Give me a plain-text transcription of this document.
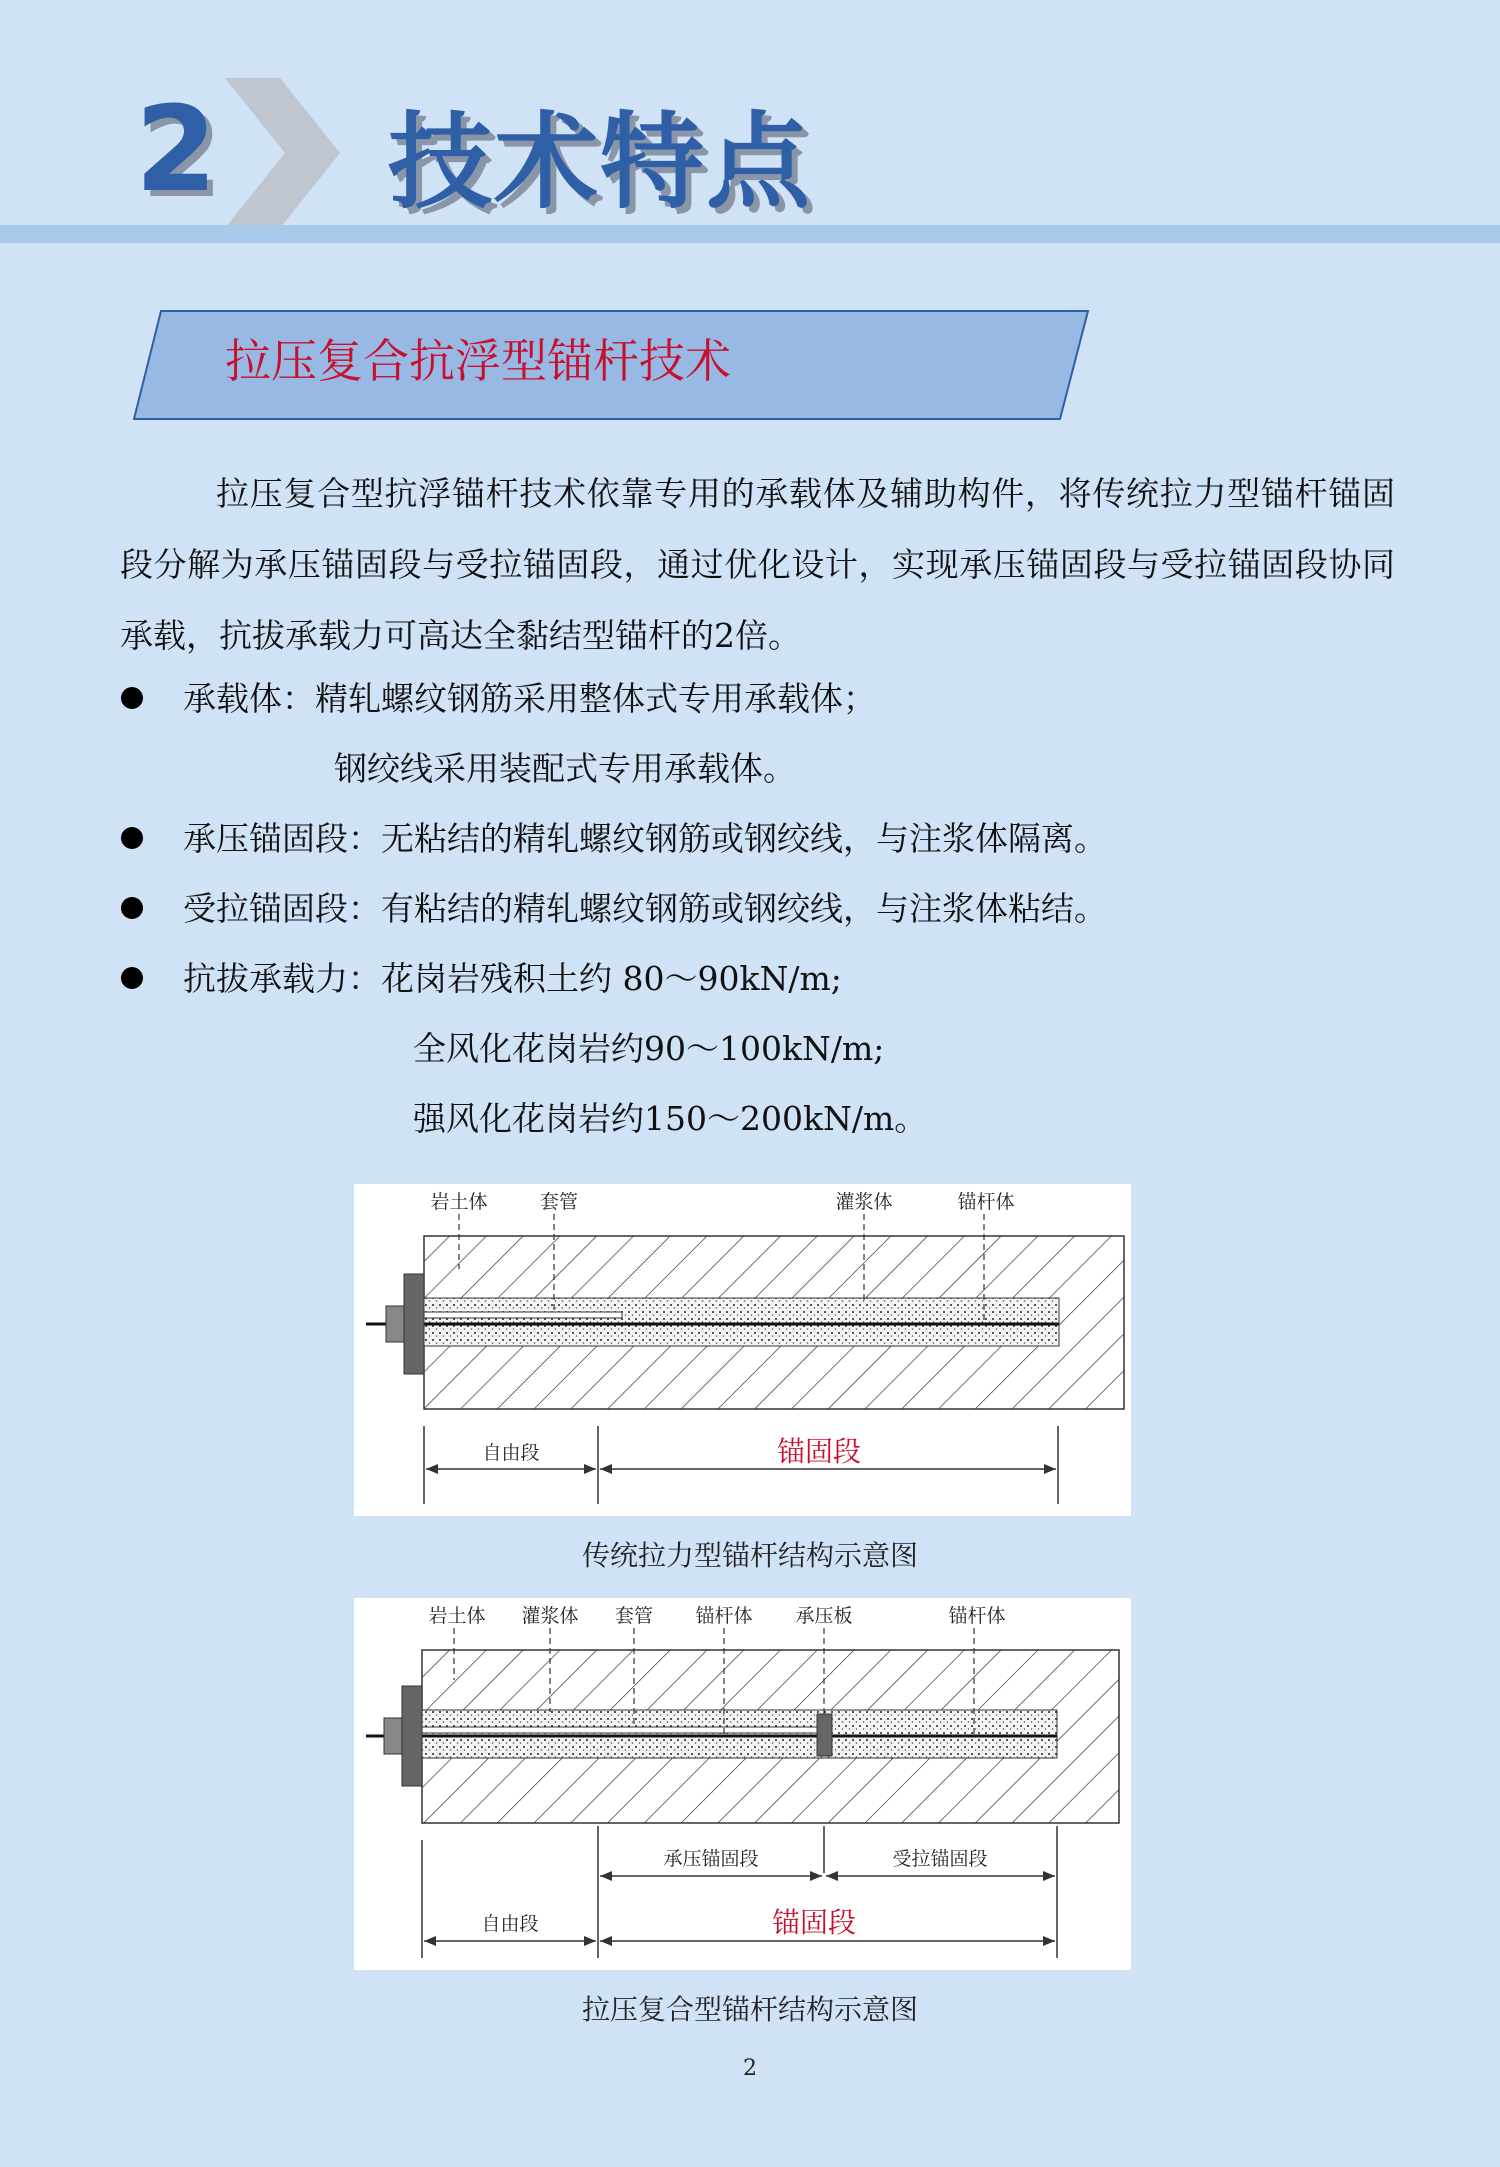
2 技术特点
拉压复合抗浮型锚杆技术

拉压复合型抗浮锚杆技术依靠专用的承载体及辅助构件，将传统拉力型锚杆锚固段分解为承压锚固段与受拉锚固段，通过优化设计，实现承压锚固段与受拉锚固段协同承载，抗拔承载力可高达全黏结型锚杆的2倍。

承载体：精轧螺纹钢筋采用整体式专用承载体；
钢绞线采用装配式专用承载体。
承压锚固段：无粘结的精轧螺纹钢筋或钢绞线，与注浆体隔离。
受拉锚固段：有粘结的精轧螺纹钢筋或钢绞线，与注浆体粘结。
抗拔承载力：花岗岩残积土约 80～90kN/m;
全风化花岗岩约90～100kN/m;
强风化花岗岩约150～200kN/m。
岩土体	套管	灌浆体	锚杆体
自由段	锚固段
传统拉力型锚杆结构示意图
岩土体 灌浆体 套管 锚杆体 承压板	锚杆体
承压锚固段	受拉锚固段
自由段	锚固段
拉压复合型锚杆结构示意图
2
